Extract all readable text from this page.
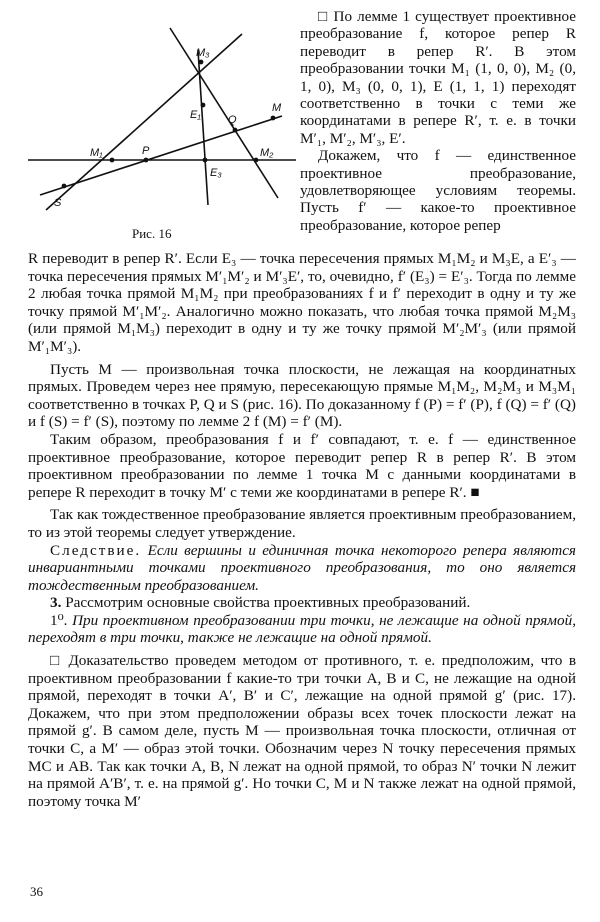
M₃
E₁ Q
M
M₁	P	M₂
E₃
S
Рис. 16

□ По лемме 1 существует проективное преобразование f, которое репер R переводит в репер R′. В этом преобразовании точки M₁ (1, 0, 0), M₂ (0, 1, 0), M₃ (0, 0, 1), E (1, 1, 1) переходят соответственно в точки с теми же координатами в репере R′, т. е. в точки M′₁, M′₂, M′₃, E′.

Докажем, что f — единственное проективное преобразование, удовлетворяющее условиям теоремы. Пусть f′ — какое-то проективное преобразование, которое репер

R переводит в репер R′. Если E₃ — точка пересечения прямых M₁M₂ и M₃E, а E′₃ — точка пересечения прямых M′₁M′₂ и M′₃E′, то, очевидно, f′ (E₃) = E′₃. Тогда по лемме 2 любая точка прямой M₁M₂ при преобразованиях f и f′ переходит в одну и ту же точку прямой M′₁M′₂. Аналогично можно показать, что любая точка прямой M₂M₃ (или прямой M₁M₃) переходит в одну и ту же точку прямой M′₂M′₃ (или прямой M′₁M′₃).

Пусть M — произвольная точка плоскости, не лежащая на координатных прямых. Проведем через нее прямую, пересекающую прямые M₁M₂, M₂M₃ и M₃M₁ соответственно в точках P, Q и S (рис. 16). По доказанному f (P) = f′ (P), f (Q) = f′ (Q) и f (S) = f′ (S), поэтому по лемме 2 f (M) = f′ (M).

Таким образом, преобразования f и f′ совпадают, т. е. f — единственное проективное преобразование, которое переводит репер R в репер R′. В этом проективном преобразовании по лемме 1 точка M с данными координатами в репере R переходит в точку M′ с теми же координатами в репере R′. ■

Так как тождественное преобразование является проективным преобразованием, то из этой теоремы следует утверждение.

Следствие. Если вершины и единичная точка некоторого репера являются инвариантными точками проективного преобразования, то оно является тождественным преобразованием.

3. Рассмотрим основные свойства проективных преобразований.

1⁰. При проективном преобразовании три точки, не лежащие на одной прямой, переходят в три точки, также не лежащие на одной прямой.

□ Доказательство проведем методом от противного, т. е. предположим, что в проективном преобразовании f какие-то три точки A, B и C, не лежащие на одной прямой, переходят в точки A′, B′ и C′, лежащие на одной прямой g′ (рис. 17). Докажем, что при этом предположении образы всех точек плоскости лежат на прямой g′. В самом деле, пусть M — произвольная точка плоскости, отличная от точки C, а M′ — образ этой точки. Обозначим через N точку пересечения прямых MC и AB. Так как точки A, B, N лежат на одной прямой, то образ N′ точки N лежит на прямой A′B′, т. е. на прямой g′. Но точки C, M и N также лежат на одной прямой, поэтому точка M′

36
